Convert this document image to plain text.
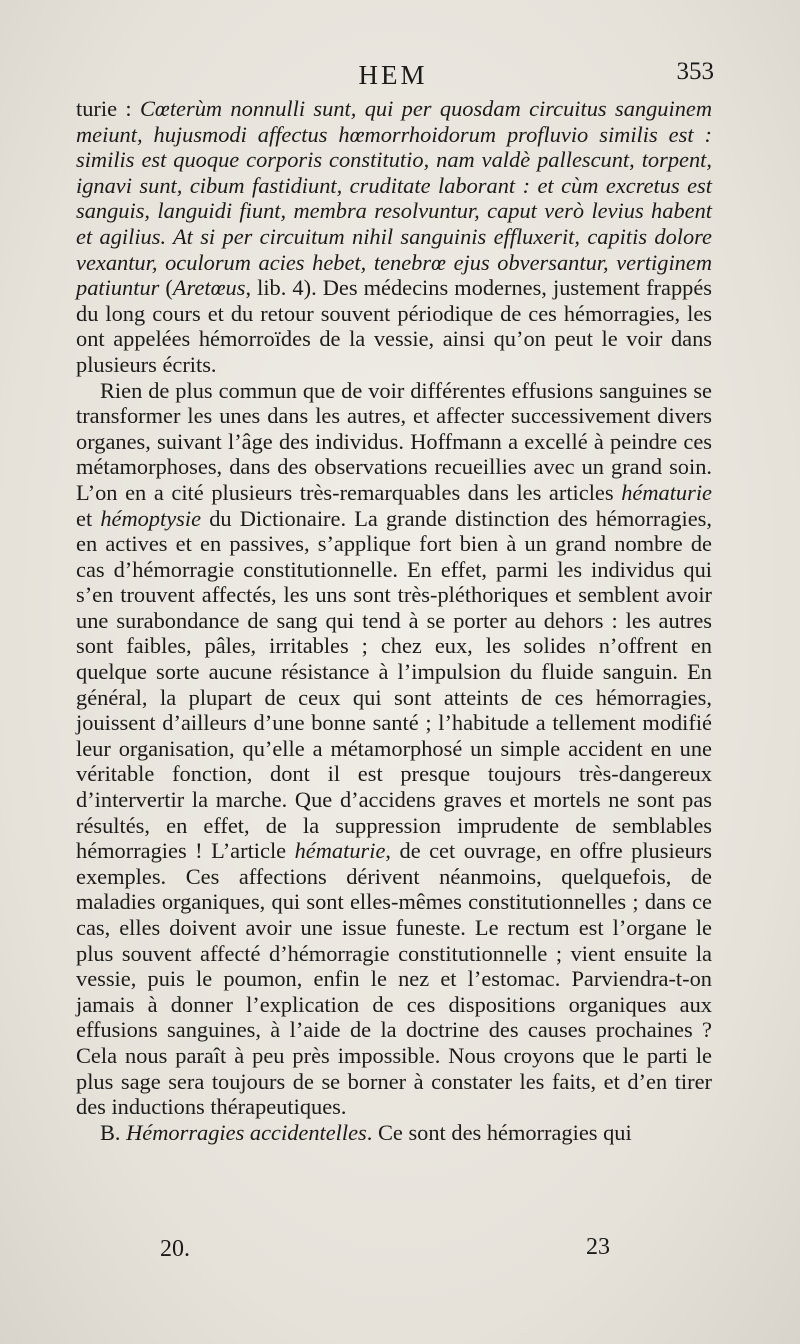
HEM	353

turie : Cœterùm nonnulli sunt, qui per quosdam circuitus sanguinem meiunt, hujusmodi affectus hœmorrhoidorum profluvio similis est : similis est quoque corporis constitutio, nam valdè pallescunt, torpent, ignavi sunt, cibum fastidiunt, cruditate laborant : et cùm excretus est sanguis, languidi fiunt, membra resolvuntur, caput verò levius habent et agilius. At si per circuitum nihil sanguinis effluxerit, capitis dolore vexantur, oculorum acies hebet, tenebrœ ejus obversantur, vertiginem patiuntur (Aretœus, lib. 4). Des médecins modernes, justement frappés du long cours et du retour souvent périodique de ces hémorragies, les ont appelées hémorroïdes de la vessie, ainsi qu’on peut le voir dans plusieurs écrits.

Rien de plus commun que de voir différentes effusions sanguines se transformer les unes dans les autres, et affecter successivement divers organes, suivant l’âge des individus. Hoffmann a excellé à peindre ces métamorphoses, dans des observations recueillies avec un grand soin. L’on en a cité plusieurs très-remarquables dans les articles hématurie et hémoptysie du Dictionaire. La grande distinction des hémorragies, en actives et en passives, s’applique fort bien à un grand nombre de cas d’hémorragie constitutionnelle. En effet, parmi les individus qui s’en trouvent affectés, les uns sont très-pléthoriques et semblent avoir une surabondance de sang qui tend à se porter au dehors : les autres sont faibles, pâles, irritables ; chez eux, les solides n’offrent en quelque sorte aucune résistance à l’impulsion du fluide sanguin. En général, la plupart de ceux qui sont atteints de ces hémorragies, jouissent d’ailleurs d’une bonne santé ; l’habitude a tellement modifié leur organisation, qu’elle a métamorphosé un simple accident en une véritable fonction, dont il est presque toujours très-dangereux d’intervertir la marche. Que d’accidens graves et mortels ne sont pas résultés, en effet, de la suppression imprudente de semblables hémorragies ! L’article hématurie, de cet ouvrage, en offre plusieurs exemples. Ces affections dérivent néanmoins, quelquefois, de maladies organiques, qui sont elles-mêmes constitutionnelles ; dans ce cas, elles doivent avoir une issue funeste. Le rectum est l’organe le plus souvent affecté d’hémorragie constitutionnelle ; vient ensuite la vessie, puis le poumon, enfin le nez et l’estomac. Parviendra-t-on jamais à donner l’explication de ces dispositions organiques aux effusions sanguines, à l’aide de la doctrine des causes prochaines ? Cela nous paraît à peu près impossible. Nous croyons que le parti le plus sage sera toujours de se borner à constater les faits, et d’en tirer des inductions thérapeutiques.

B. Hémorragies accidentelles. Ce sont des hémorragies qui

20.	23
